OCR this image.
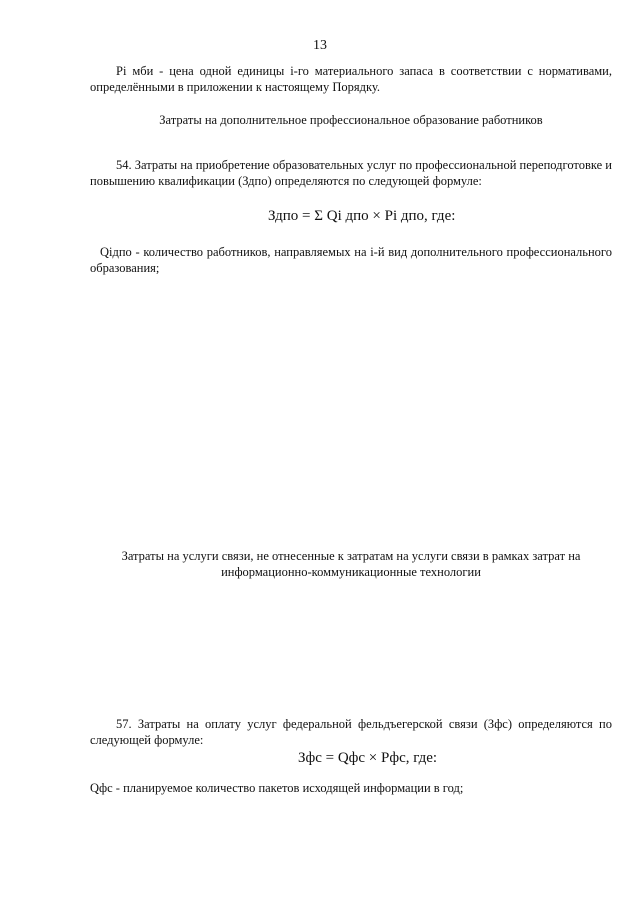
13
Pi мби - цена одной единицы i-го материального запаса в соответствии с нормативами, определёнными в приложении к настоящему Порядку.
Затраты на дополнительное профессиональное образование работников
54. Затраты на приобретение образовательных услуг по профессиональной переподготовке и повышению квалификации (Здпо) определяются по следующей формуле:
Здпо = Σ Qi дпо × Pi дпо, где:
Qiдпо - количество работников, направляемых на i-й вид дополнительного профессионального образования;
Затраты на услуги связи, не отнесенные к затратам на услуги связи в рамках затрат на информационно-коммуникационные технологии
57. Затраты на оплату услуг федеральной фельдъегерской связи (Зфс) определяются по следующей формуле:
Зфс = Qфс × Pфс, где:
Qфс - планируемое количество пакетов исходящей информации в год;
